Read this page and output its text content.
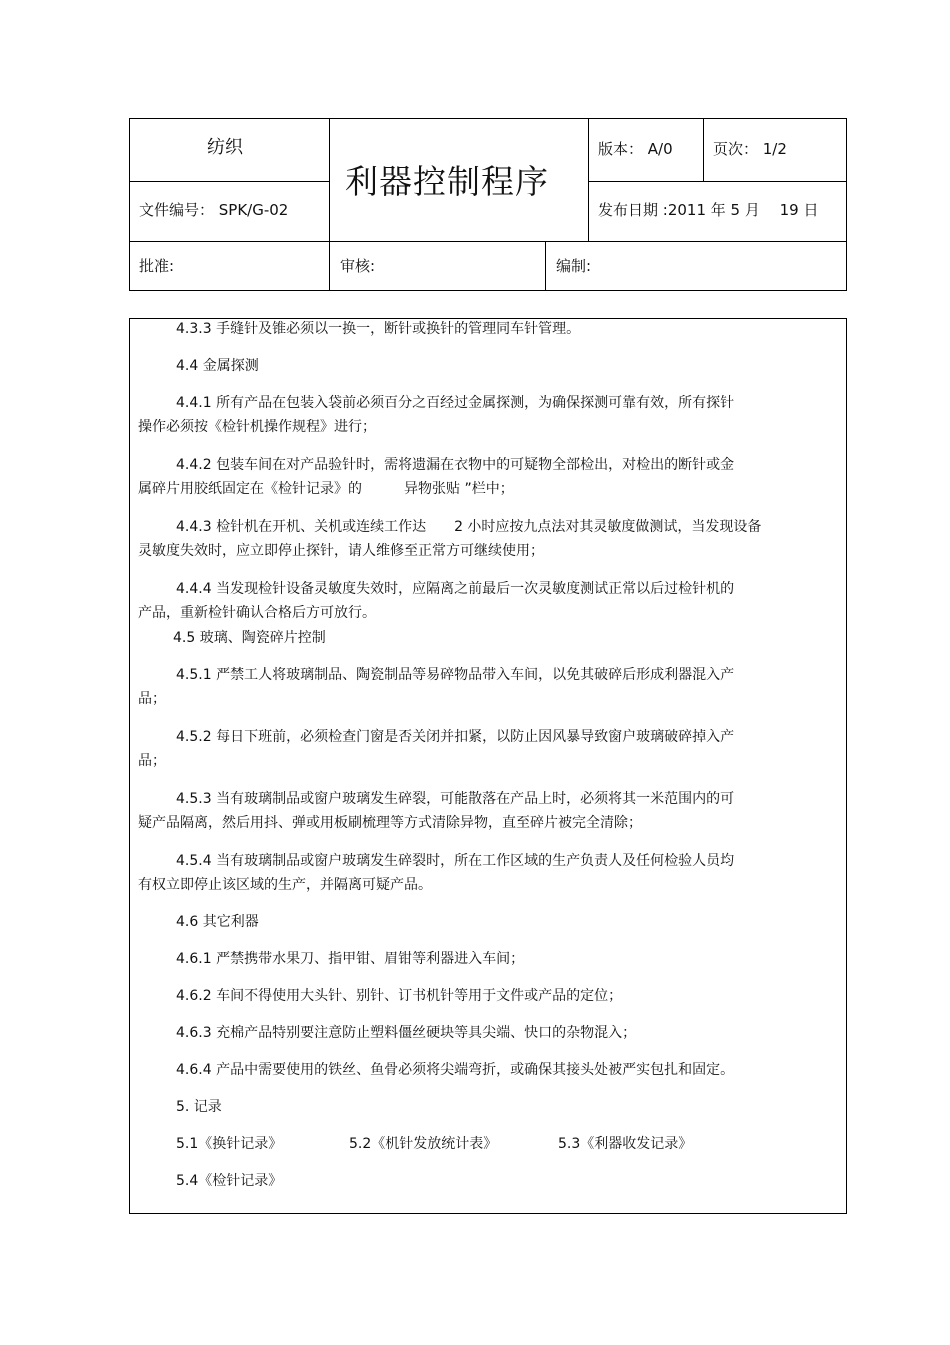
纺织
利器控制程序
版本： A/0	页次： 1/2
文件编号： SPK/G-02	发布日期 :2011 年 5 月　 19 日
批准:	审核:	编制:
4.3.3 手缝针及锥必须以一换一，断针或换针的管理同车针管理。
4.4 金属探测
4.4.1 所有产品在包装入袋前必须百分之百经过金属探测，为确保探测可靠有效，所有探针
操作必须按《检针机操作规程》进行；
4.4.2 包装车间在对产品验针时，需将遗漏在衣物中的可疑物全部检出，对检出的断针或金
属碎片用胶纸固定在《检针记录》的　　　异物张贴 ”栏中；
4.4.3 检针机在开机、关机或连续工作达　　2 小时应按九点法对其灵敏度做测试，当发现设备
灵敏度失效时，应立即停止探针，请人维修至正常方可继续使用；
4.4.4 当发现检针设备灵敏度失效时，应隔离之前最后一次灵敏度测试正常以后过检针机的
产品，重新检针确认合格后方可放行。
4.5 玻璃、陶瓷碎片控制
4.5.1 严禁工人将玻璃制品、陶瓷制品等易碎物品带入车间，以免其破碎后形成利器混入产
品；
4.5.2 每日下班前，必须检查门窗是否关闭并扣紧，以防止因风暴导致窗户玻璃破碎掉入产
品；
4.5.3 当有玻璃制品或窗户玻璃发生碎裂，可能散落在产品上时，必须将其一米范围内的可
疑产品隔离，然后用抖、弹或用板刷梳理等方式清除异物，直至碎片被完全清除；
4.5.4 当有玻璃制品或窗户玻璃发生碎裂时，所在工作区域的生产负责人及任何检验人员均
有权立即停止该区域的生产，并隔离可疑产品。
4.6 其它利器
4.6.1 严禁携带水果刀、指甲钳、眉钳等利器进入车间；
4.6.2 车间不得使用大头针、别针、订书机针等用于文件或产品的定位；
4.6.3 充棉产品特别要注意防止塑料僵丝硬块等具尖端、快口的杂物混入；
4.6.4 产品中需要使用的铁丝、鱼骨必须将尖端弯折，或确保其接头处被严实包扎和固定。
5. 记录
5.1《换针记录》	5.2《机针发放统计表》	5.3《利器收发记录》
5.4《检针记录》
